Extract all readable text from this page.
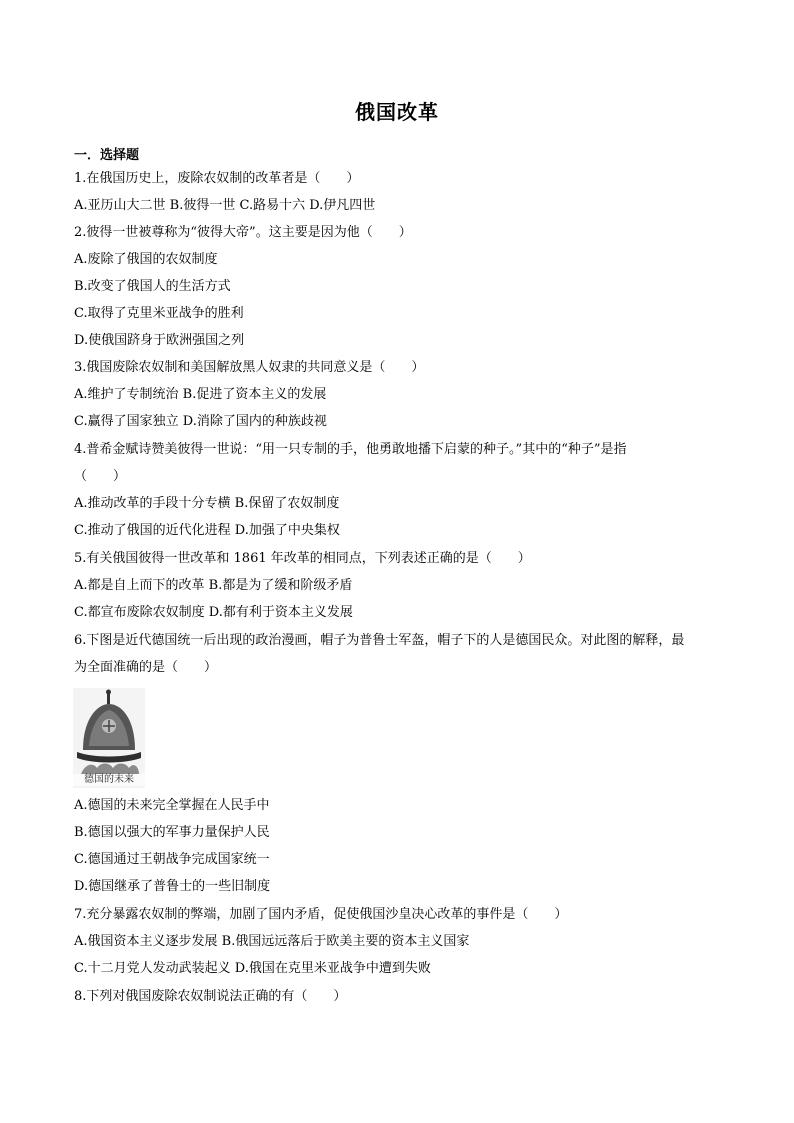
俄国改革
一．选择题
1.在俄国历史上，废除农奴制的改革者是（　　）
A.亚历山大二世 B.彼得一世 C.路易十六 D.伊凡四世
2.彼得一世被尊称为“彼得大帝”。这主要是因为他（　　）
A.废除了俄国的农奴制度
B.改变了俄国人的生活方式
C.取得了克里米亚战争的胜利
D.使俄国跻身于欧洲强国之列
3.俄国废除农奴制和美国解放黑人奴隶的共同意义是（　　）
A.维护了专制统治 B.促进了资本主义的发展
C.赢得了国家独立 D.消除了国内的种族歧视
4.普希金赋诗赞美彼得一世说：“用一只专制的手，他勇敢地播下启蒙的种子。”其中的“种子”是指
（　　）
A.推动改革的手段十分专横 B.保留了农奴制度
C.推动了俄国的近代化进程 D.加强了中央集权
5.有关俄国彼得一世改革和 1861 年改革的相同点，下列表述正确的是（　　）
A.都是自上而下的改革 B.都是为了缓和阶级矛盾
C.都宣布废除农奴制度 D.都有利于资本主义发展
6.下图是近代德国统一后出现的政治漫画，帽子为普鲁士军盔，帽子下的人是德国民众。对此图的解释，最
为全面准确的是（　　）
德国的未来
A.德国的未来完全掌握在人民手中
B.德国以强大的军事力量保护人民
C.德国通过王朝战争完成国家统一
D.德国继承了普鲁士的一些旧制度
7.充分暴露农奴制的弊端，加剧了国内矛盾，促使俄国沙皇决心改革的事件是（　　）
A.俄国资本主义逐步发展 B.俄国远远落后于欧美主要的资本主义国家
C.十二月党人发动武装起义 D.俄国在克里米亚战争中遭到失败
8.下列对俄国废除农奴制说法正确的有（　　）
